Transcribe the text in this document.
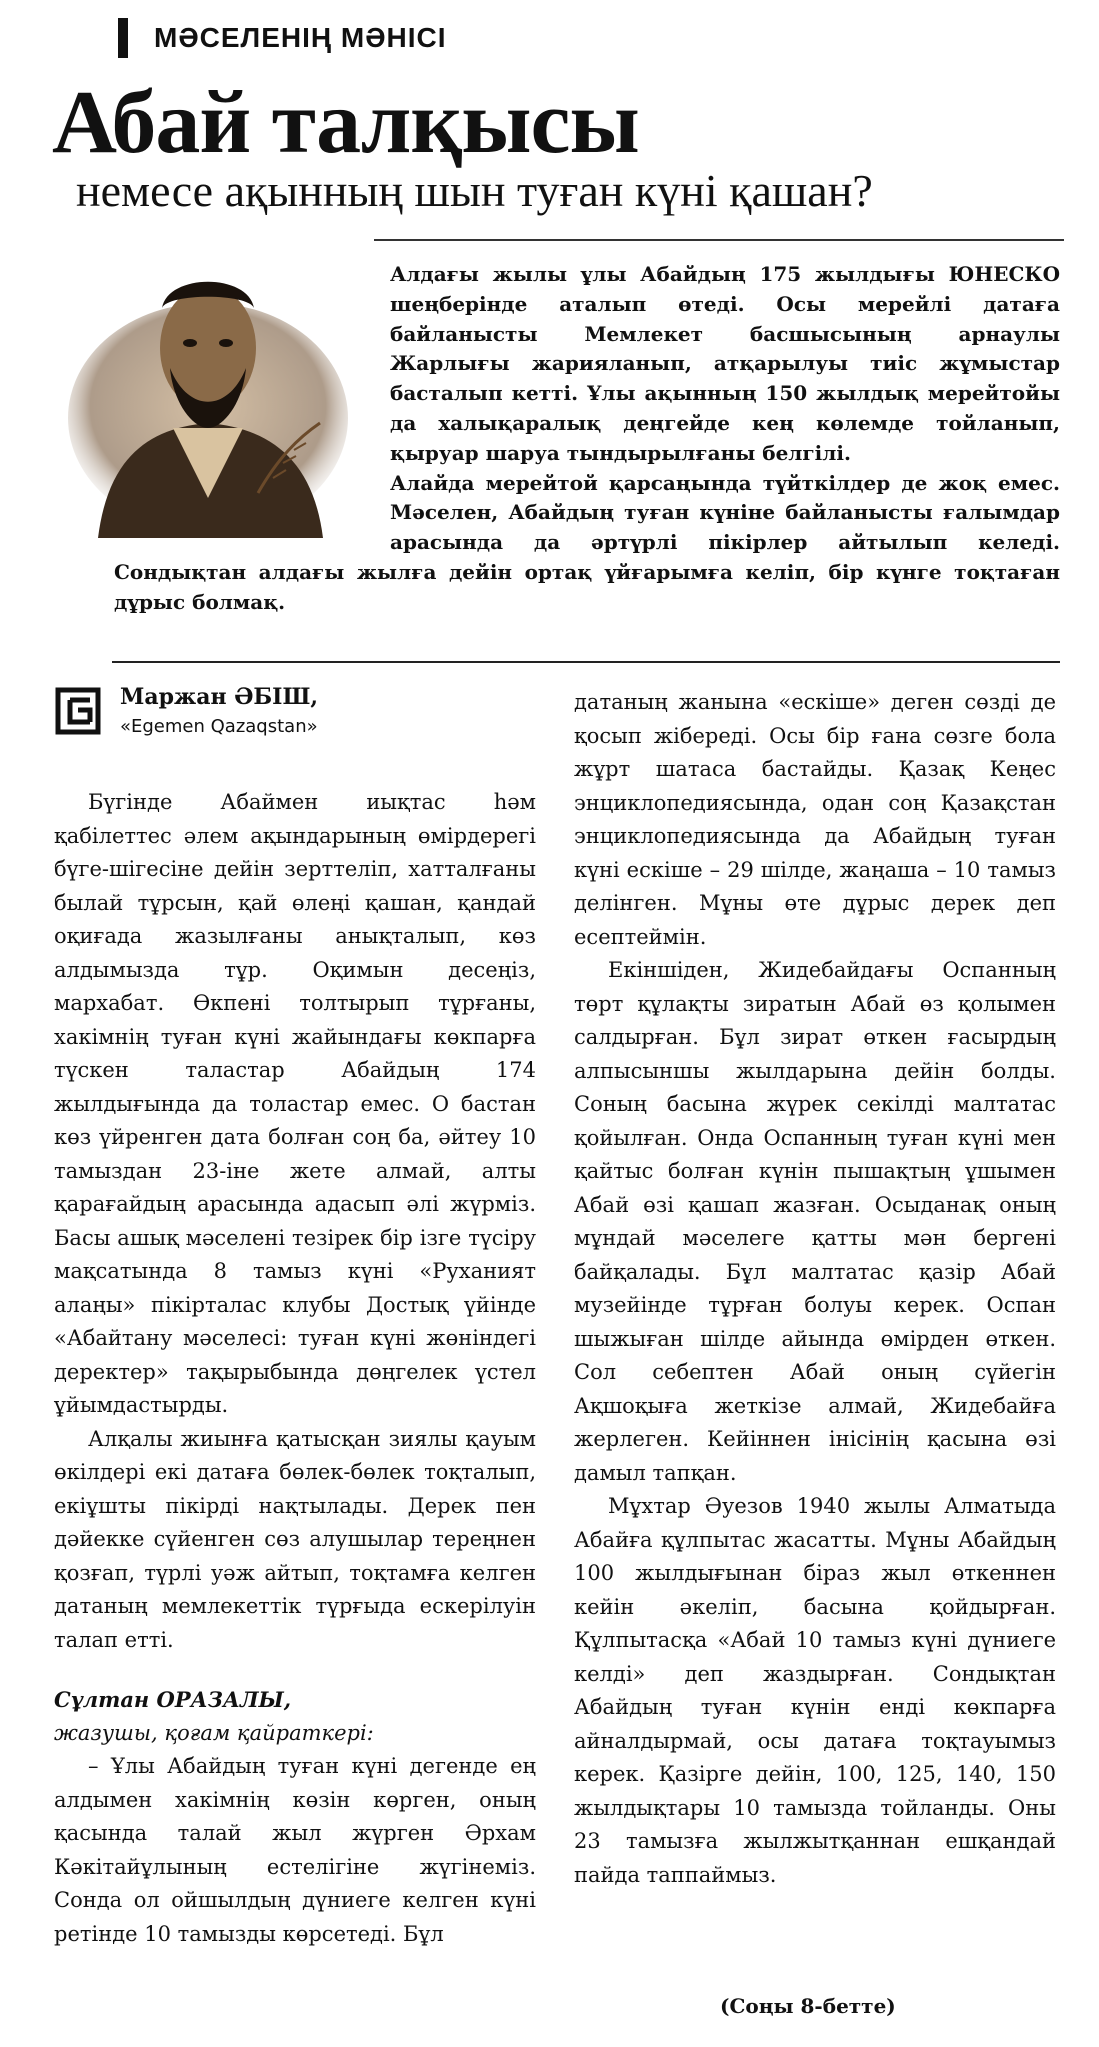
МӘСЕЛЕНІҢ МӘНІСІ
Абай талқысы
немесе ақынның шын туған күні қашан?

Алдағы жылы ұлы Абайдың 175 жылдығы ЮНЕСКО шеңберінде аталып өтеді. Осы мерейлі датаға байланысты Мемлекет басшысының арнаулы Жарлығы жарияланып, атқарылуы тиіс жұмыстар басталып кетті. Ұлы ақынның 150 жылдық мерейтойы да халықаралық деңгейде кең көлемде тойланып, қыруар шаруа тындырылғаны белгілі.

Алайда мерейтой қарсаңында түйткілдер де жоқ емес. Мәселен, Абайдың туған күніне байланысты ғалымдар арасында да әртүрлі пікірлер айтылып келеді. Сондықтан алдағы жылға дейін ортақ үйғарымға келіп, бір күнге тоқтаған дұрыс болмақ.

Маржан ӘБІШ,
«Egemen Qazaqstan»

Бүгінде Абаймен иықтас һәм қабілеттес әлем ақындарының өмірдерегі бүге-шігесіне дейін зерттеліп, хатталғаны былай тұрсын, қай өлеңі қашан, қандай оқиғада жазылғаны анықталып, көз алдымызда тұр. Оқимын десеңіз, мархабат. Өкпені толтырып тұрғаны, хакімнің туған күні жайындағы көкпарға түскен таластар Абайдың 174 жылдығында да толастар емес. О бастан көз үйренген дата болған соң ба, әйтеу 10 тамыздан 23-іне жете алмай, алты қарағайдың арасында адасып әлі жүрміз. Басы ашық мәселені тезірек бір ізге түсіру мақсатында 8 тамыз күні «Руханият алаңы» пікірталас клубы Достық үйінде «Абайтану мәселесі: туған күні жөніндегі деректер» тақырыбында дөңгелек үстел ұйымдастырды.

Алқалы жиынға қатысқан зиялы қауым өкілдері екі датаға бөлек-бөлек тоқталып, екіұшты пікірді нақтылады. Дерек пен дәйекке сүйенген сөз алушылар тереңнен қозғап, түрлі уәж айтып, тоқтамға келген датаның мемлекеттік түрғыда ескерілуін талап етті.

Сұлтан ОРАЗАЛЫ,

жазушы, қоғам қайраткері:

– Ұлы Абайдың туған күні дегенде ең алдымен хакімнің көзін көрген, оның қасында талай жыл жүрген Әрхам Кәкітайұлының естелігіне жүгінеміз. Сонда ол ойшылдың дүниеге келген күні ретінде 10 тамызды көрсетеді. Бұл

датаның жанына «ескіше» деген сөзді де қосып жібереді. Осы бір ғана сөзге бола жұрт шатаса бастайды. Қазақ Кеңес энциклопедиясында, одан соң Қазақстан энциклопедиясында да Абайдың туған күні ескіше – 29 шілде, жаңаша – 10 тамыз делінген. Мұны өте дұрыс дерек деп есептеймін.

Екіншіден, Жидебайдағы Оспанның төрт құлақты зиратын Абай өз қолымен салдырған. Бұл зират өткен ғасырдың алпысыншы жылдарына дейін болды. Соның басына жүрек секілді малтатас қойылған. Онда Оспанның туған күні мен қайтыс болған күнін пышақтың ұшымен Абай өзі қашап жазған. Осыданақ оның мұндай мәселеге қатты мән бергені байқалады. Бұл малтатас қазір Абай музейінде тұрған болуы керек. Оспан шыжыған шілде айында өмірден өткен. Сол себептен Абай оның сүйегін Ақшоқыға жеткізе алмай, Жидебайға жерлеген. Кейіннен інісінің қасына өзі дамыл тапқан.

Мұхтар Әуезов 1940 жылы Алматыда Абайға құлпытас жасатты. Мұны Абайдың 100 жылдығынан біраз жыл өткеннен кейін әкеліп, басына қойдырған. Құлпытасқа «Абай 10 тамыз күні дүниеге келді» деп жаздырған. Сондықтан Абайдың туған күнін енді көкпарға айналдырмай, осы датаға тоқтауымыз керек. Қазірге дейін, 100, 125, 140, 150 жылдықтары 10 тамызда тойланды. Оны 23 тамызға жылжытқаннан ешқандай пайда таппаймыз.

(Соңы 8-бетте)
